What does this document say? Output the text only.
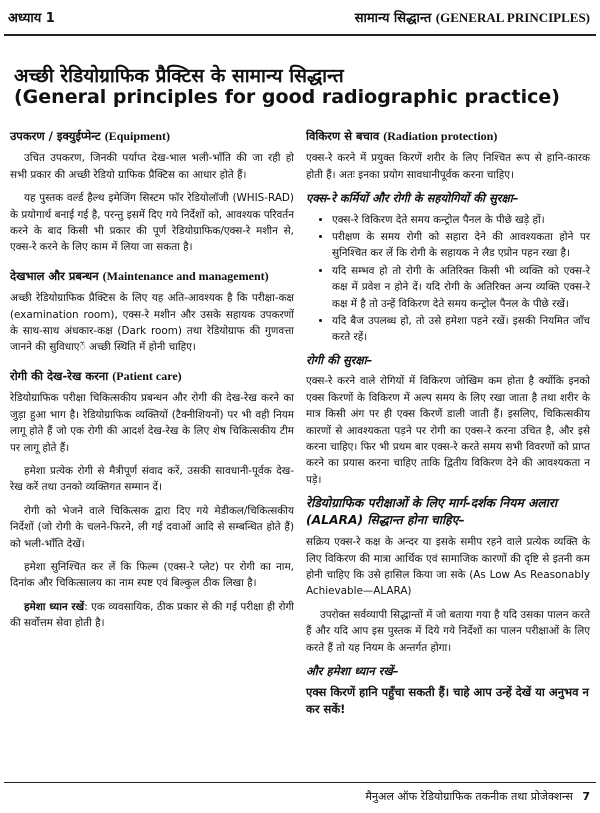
अध्याय 1	सामान्य सिद्धान्त (GENERAL PRINCIPLES)
अच्छी रेडियोग्राफिक प्रैक्टिस के सामान्य सिद्धान्त
(General principles for good radiographic practice)
उपकरण / इक्युईप्मेन्ट (Equipment)

उचित उपकरण, जिनकी पर्याप्त देख-भाल भली-भाँति की जा रही हो सभी प्रकार की अच्छी रेडियो ग्राफिक प्रैक्टिस का आधार होते हैं।

यह पुस्तक वर्ल्ड हैल्थ इमेजिंग सिस्टम फॉर रेडियोलॉजी (WHIS-RAD) के प्रयोगार्थ बनाई गई है, परन्तु इसमें दिए गये निर्देशों को, आवश्यक परिवर्तन करने के बाद किसी भी प्रकार की पूर्ण रेडियोग्राफिक/एक्स-रे मशीन से, एक्स-रे करने के लिए काम में लिया जा सकता है।

देखभाल और प्रबन्धन (Maintenance and management)

अच्छी रेडियोग्राफिक प्रैक्टिस के लिए यह अति-आवश्यक है कि परीक्षा-कक्ष (examination room), एक्स-रे मशीन और उसके सहायक उपकरणों के साथ-साथ अंधकार-कक्ष (Dark room) तथा रेडियोग्राफ की गुणवत्ता जानने की सुविधाएें अच्छी स्थिति में होनी चाहिए।

रोगी की देख-रेख करना (Patient care)

रेडियोग्राफिक परीक्षा चिकित्सकीय प्रबन्धन और रोगी की देख-रेख करने का जुड़ा हुआ भाग है। रेडियोग्राफिक व्यक्तियों (टैक्नीशियनों) पर भी वही नियम लागू होते हैं जो एक रोगी की आदर्श देख-रेख के लिए शेष चिकित्सकीय टीम पर लागू होते हैं।

हमेशा प्रत्येक रोगी से मैत्रीपूर्ण संवाद करें, उसकी सावधानी-पूर्वक देख-रेख करें तथा उनको व्यक्तिगत सम्मान दें।

रोगी को भेजने वाले चिकित्सक द्वारा दिए गये मेडीकल/चिकित्सकीय निर्देशों (जो रोगी के चलने-फिरने, ली गई दवाओं आदि से सम्बन्धित होते हैं) को भली-भाँति देखें।

हमेशा सुनिश्चित कर लें कि फिल्म (एक्स-रे प्लेट) पर रोगी का नाम, दिनांक और चिकित्सालय का नाम स्पष्ट एवं बिल्कुल ठीक लिखा है।

हमेशा ध्यान रखें: एक व्यवसायिक, ठीक प्रकार से की गई परीक्षा ही रोगी की सर्वोत्तम सेवा होती है।

विकिरण से बचाव (Radiation protection)

एक्स-रे करने में प्रयुक्त किरणें शरीर के लिए निश्चित रूप से हानि-कारक होती हैं। अतः इनका प्रयोग सावधानीपूर्वक करना चाहिए।

एक्स-रे कर्मियों और रोगी के सहयोगियों की सुरक्षा–
• एक्स-रे विकिरण देते समय कन्ट्रोल पैनल के पीछे खड़े हों।
• परीक्षण के समय रोगी को सहारा देने की आवश्यकता होने पर सुनिश्चित कर लें कि रोगी के सहायक ने लैड एप्रोन पहन रखा है।
• यदि सम्भव हो तो रोगी के अतिरिक्त किसी भी व्यक्ति को एक्स-रे कक्ष में प्रवेश न होने दें। यदि रोगी के अतिरिक्त अन्य व्यक्ति एक्स-रे कक्ष में है तो उन्हें विकिरण देते समय कन्ट्रोल पैनल के पीछे रखें।
• यदि बैज उपलब्ध हो, तो उसे हमेशा पहने रखें। इसकी नियमित जाँच करते रहें।
रोगी की सुरक्षा–

एक्स-रे करने वाले रोगियों में विकिरण जोखिम कम होता है क्योंकि इनको एक्स किरणों के विकिरण में अल्प समय के लिए रखा जाता है तथा शरीर के मात्र किसी अंग पर ही एक्स किरणें डाली जाती हैं। इसलिए, चिकित्सकीय कारणों से आवश्यकता पड़ने पर रोगी का एक्स-रे करना उचित है, और इसे करना चाहिए। फिर भी प्रथम बार एक्स-रे करते समय सभी विवरणों को प्राप्त करने का प्रयास करना चाहिए ताकि द्वितीय विकिरण देने की आवश्यकता न पड़े।

रेडियोग्राफिक परीक्षाओं के लिए मार्ग-दर्शक नियम अलारा (ALARA) सिद्धान्त होना चाहिए–

सक्रिय एक्स-रे कक्ष के अन्दर या इसके समीप रहने वाले प्रत्येक व्यक्ति के लिए विकिरण की मात्रा आर्थिक एवं सामाजिक कारणों की दृष्टि से इतनी कम होनी चाहिए कि उसे हासिल किया जा सके (As Low As Reasonably Achievable—ALARA)

उपरोक्त सर्वव्यापी सिद्धान्तों में जो बताया गया है यदि उसका पालन करते हैं और यदि आप इस पुस्तक में दिये गये निर्देशों का पालन परीक्षाओं के लिए करते हैं तो यह नियम के अन्तर्गत होगा।

और हमेशा ध्यान रखें–
एक्स किरणें हानि पहुँचा सकती हैं। चाहे आप उन्हें देखें या अनुभव न कर सकें!
मैनुअल ऑफ रेडियोग्राफिक तकनीक तथा प्रोजेक्शन्स 7
